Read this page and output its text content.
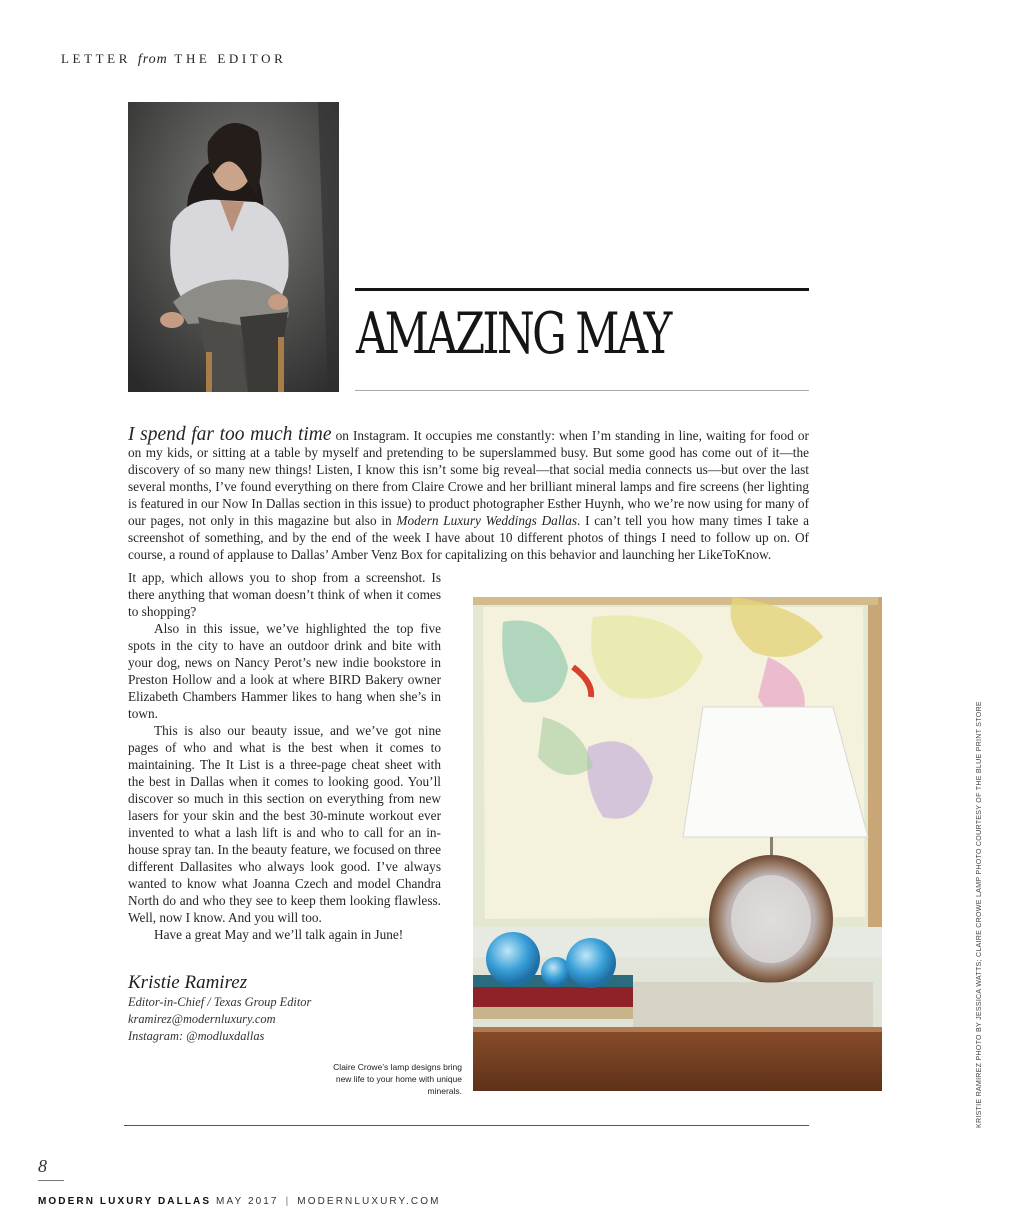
LETTER from THE EDITOR
AMAZING MAY
I spend far too much time on Instagram. It occupies me constantly: when I’m standing in line, waiting for food or on my kids, or sitting at a table by myself and pretending to be superslammed busy. But some good has come out of it—the discovery of so many new things! Listen, I know this isn’t some big reveal—that social media connects us—but over the last several months, I’ve found everything on there from Claire Crowe and her brilliant mineral lamps and fire screens (her lighting is featured in our Now In Dallas section in this issue) to product photographer Esther Huynh, who we’re now using for many of our pages, not only in this magazine but also in Modern Luxury Weddings Dallas. I can’t tell you how many times I take a screenshot of something, and by the end of the week I have about 10 different photos of things I need to follow up on. Of course, a round of applause to Dallas’ Amber Venz Box for capitalizing on this behavior and launching her LikeToKnow.

It app, which allows you to shop from a screenshot. Is there anything that woman doesn’t think of when it comes to shopping?

Also in this issue, we’ve highlighted the top five spots in the city to have an outdoor drink and bite with your dog, news on Nancy Perot’s new indie bookstore in Preston Hollow and a look at where BIRD Bakery owner Elizabeth Chambers Hammer likes to hang when she’s in town.

This is also our beauty issue, and we’ve got nine pages of who and what is the best when it comes to maintaining. The It List is a three-page cheat sheet with the best in Dallas when it comes to looking good. You’ll discover so much in this section on everything from new lasers for your skin and the best 30-minute workout ever invented to what a lash lift is and who to call for an in-house spray tan. In the beauty feature, we focused on three different Dallasites who always look good. I’ve always wanted to know what Joanna Czech and model Chandra North do and who they see to keep them looking flawless. Well, now I know. And you will too.

Have a great May and we’ll talk again in June!

Claire Crowe’s lamp designs bring new life to your home with unique minerals.
Kristie Ramirez
Editor-in-Chief / Texas Group Editor
kramirez@modernluxury.com
Instagram: @modluxdallas	KRISTIE RAMIREZ PHOTO BY JESSICA WATTS; CLAIRE CROWE LAMP PHOTO COURTESY OF THE BLUE PRINT STORE
8
MODERN LUXURY DALLAS MAY 2017 | MODERNLUXURY.COM
